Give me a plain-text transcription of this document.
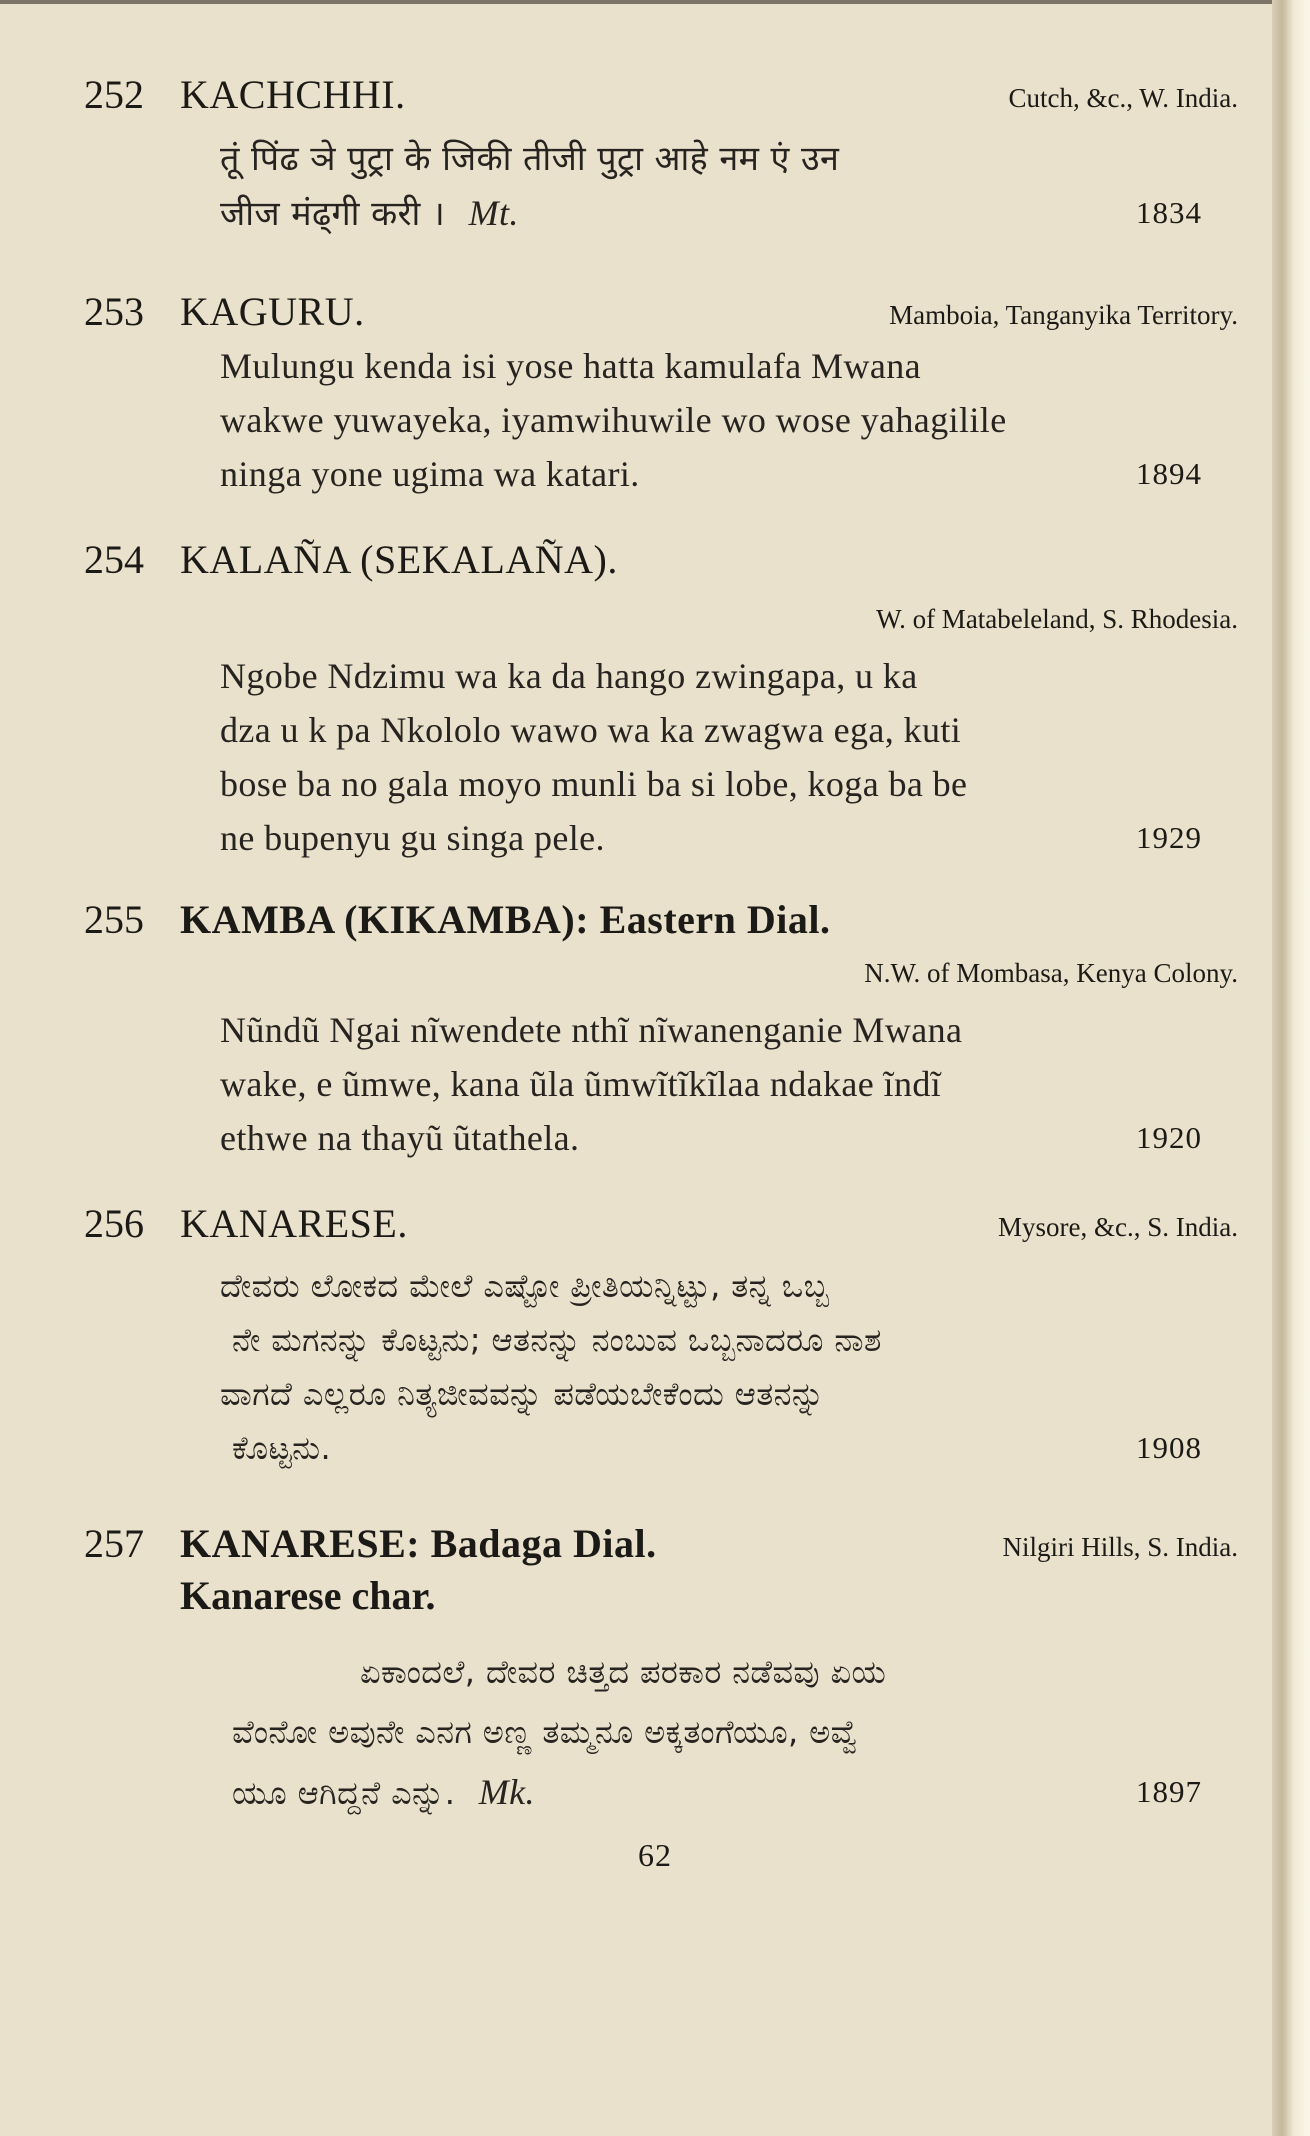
252 KACHCHHI.	Cutch, &c., W. India.
तूं पिंढ ञे पुट्रा के जिकी तीजी पुट्रा आहे नम एं उन
जीज मंढ्गी करी । Mt.	1834
253 KAGURU.	Mamboia, Tanganyika Territory.
Mulungu kenda isi yose hatta kamulafa Mwana
wakwe yuwayeka, iyamwihuwile wo wose yahagilile
ninga yone ugima wa katari.	1894
254 KALAÑA (SEKALAÑA).
W. of Matabeleland, S. Rhodesia.
Ngobe Ndzimu wa ka da hango zwingapa, u ka
dza u k pa Nkololo wawo wa ka zwagwa ega, kuti
bose ba no gala moyo munli ba si lobe, koga ba be
ne bupenyu gu singa pele.	1929
255 KAMBA (KIKAMBA): Eastern Dial.
N.W. of Mombasa, Kenya Colony.
Nũndũ Ngai nĩwendete nthĩ nĩwanenganie Mwana
wake, e ũmwe, kana ũla ũmwĩtĩkĩlaa ndakae ĩndĩ
ethwe na thayũ ũtathela.	1920
256 KANARESE.	Mysore, &c., S. India.
ದೇವರು ಲೋಕದ ಮೇಲೆ ಎಷ್ಟೋ ಪ್ರೀತಿಯನ್ನಿಟ್ಟು, ತನ್ನ ಒಬ್ಬ
ನೇ ಮಗನನ್ನು ಕೊಟ್ಟನು; ಆತನನ್ನು ನಂಬುವ ಒಬ್ಬನಾದರೂ ನಾಶ
ವಾಗದೆ ಎಲ್ಲರೂ ನಿತ್ಯಜೀವವನ್ನು ಪಡೆಯಬೇಕೆಂದು ಆತನನ್ನು
ಕೊಟ್ಟನು.	1908
257 KANARESE: Badaga Dial.	Nilgiri Hills, S. India.
Kanarese char.
ಏಕಾಂದಲೆ, ದೇವರ ಚಿತ್ತದ ಪರಕಾರ ನಡೆವವು ಏಯ
ವೆಂನೋ ಅವುನೇ ಎನಗ ಅಣ್ಣ ತಮ್ಮನೂ ಅಕ್ಕತಂಗೆಯೂ, ಅವ್ವೆ
ಯೂ ಆಗಿದ್ದನೆ ಎನ್ನು. Mk.	1897
62
